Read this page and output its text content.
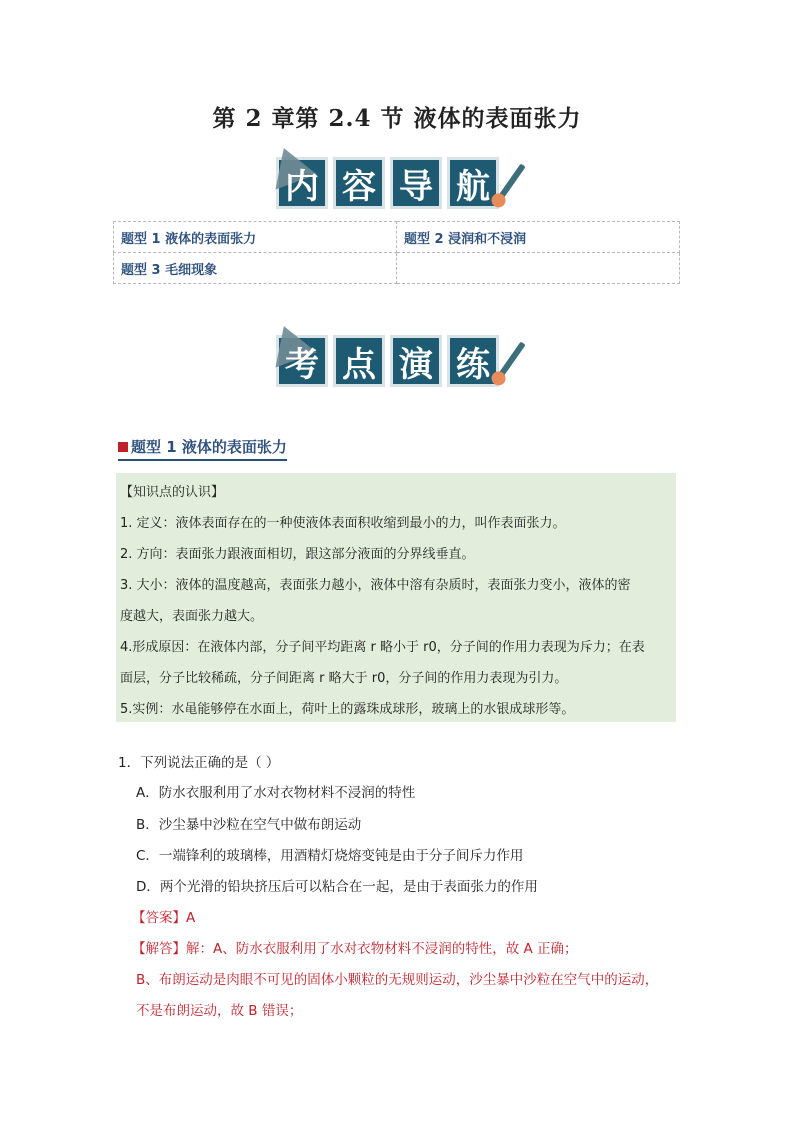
第 2 章第 2.4 节 液体的表面张力
内 容 导 航
题型 1 液体的表面张力	题型 2 浸润和不浸润
题型 3 毛细现象	
考 点 演 练
题型 1 液体的表面张力
【知识点的认识】
1. 定义：液体表面存在的一种使液体表面积收缩到最小的力，叫作表面张力。
2. 方向：表面张力跟液面相切，跟这部分液面的分界线垂直。
3. 大小：液体的温度越高，表面张力越小，液体中溶有杂质时，表面张力变小，液体的密
度越大，表面张力越大。
4.形成原因：在液体内部，分子间平均距离 r 略小于 r0，分子间的作用力表现为斥力；在表
面层，分子比较稀疏，分子间距离 r 略大于 r0，分子间的作用力表现为引力。
5.实例：水黾能够停在水面上，荷叶上的露珠成球形，玻璃上的水银成球形等。
1．下列说法正确的是（ ）
A．防水衣服利用了水对衣物材料不浸润的特性
B．沙尘暴中沙粒在空气中做布朗运动
C．一端锋利的玻璃棒，用酒精灯烧熔变钝是由于分子间斥力作用
D．两个光滑的铅块挤压后可以粘合在一起，是由于表面张力的作用
【答案】A
【解答】解：A、防水衣服利用了水对衣物材料不浸润的特性，故 A 正确；
B、布朗运动是肉眼不可见的固体小颗粒的无规则运动，沙尘暴中沙粒在空气中的运动，
不是布朗运动，故 B 错误；
